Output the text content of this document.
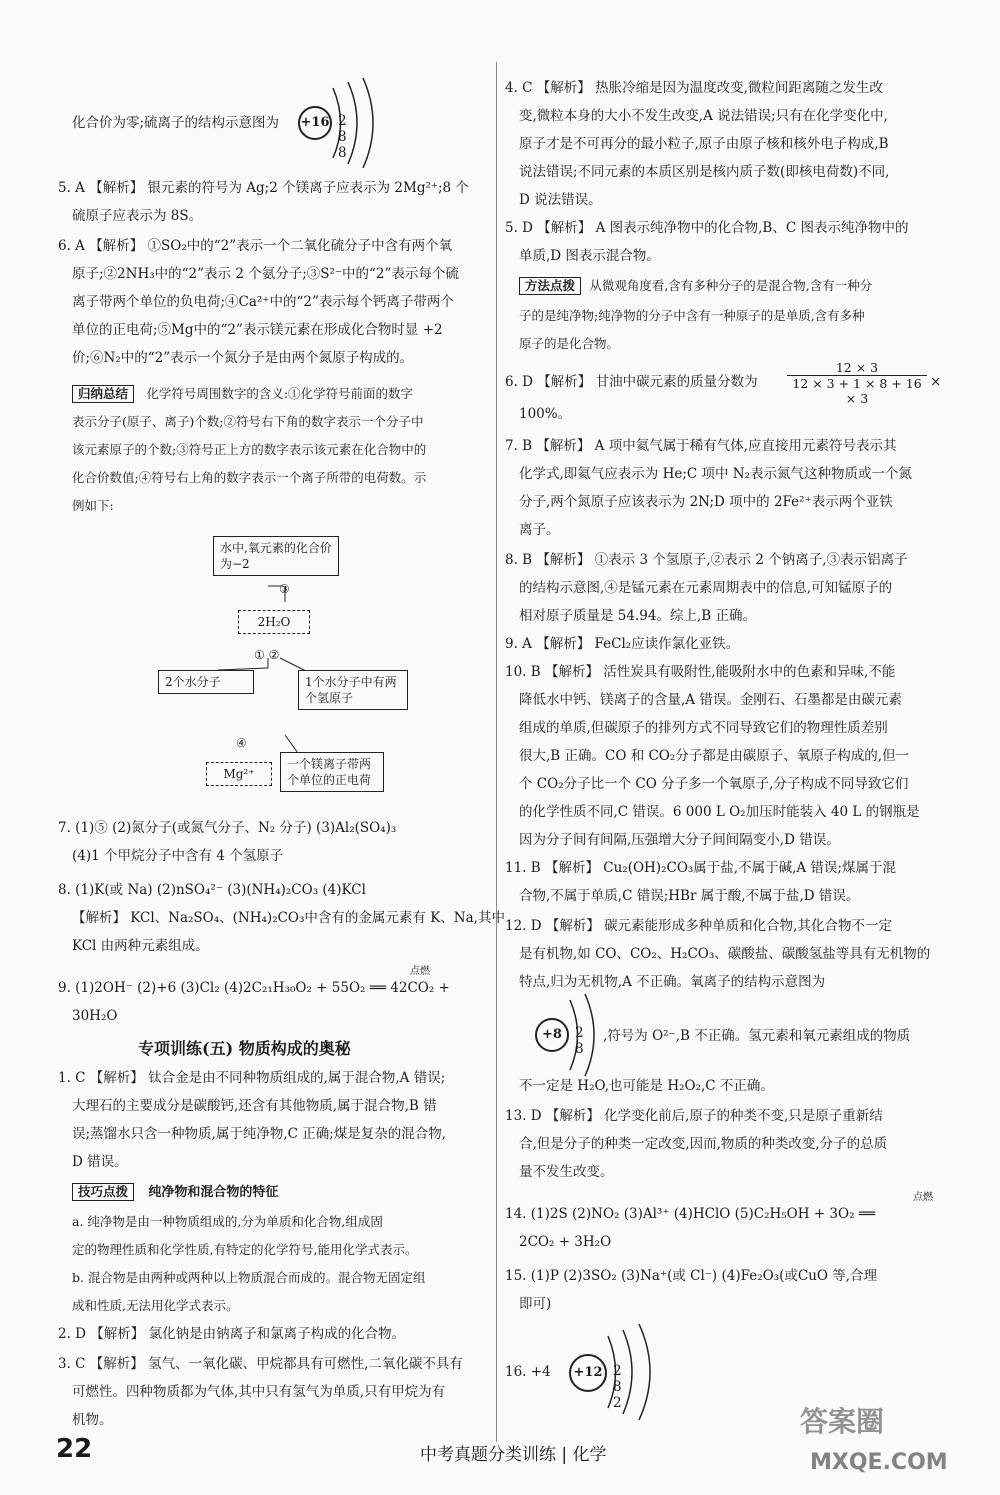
化合价为零;硫离子的结构示意图为 +16 2 8 8
5. A 【解析】 银元素的符号为 Ag;2 个镁离子应表示为 2Mg²⁺;8 个
硫原子应表示为 8S。
6. A 【解析】 ①SO₂中的“2”表示一个二氧化硫分子中含有两个氧
原子;②2NH₃中的“2”表示 2 个氨分子;③S²⁻中的“2”表示每个硫
离子带两个单位的负电荷;④Ca²⁺中的“2”表示每个钙离子带两个
单位的正电荷;⑤Mg中的“2”表示镁元素在形成化合物时显 +2
价;⑥N₂中的“2”表示一个氮分子是由两个氮原子构成的。
归纳总结 化学符号周围数字的含义:①化学符号前面的数字
表示分子(原子、离子)个数;②符号右下角的数字表示一个分子中
该元素原子的个数;③符号正上方的数字表示该元素在化合物中的
化合价数值;④符号右上角的数字表示一个离子所带的电荷数。示
例如下:
水中,氧元素的化合价为−2
③
2H₂O
① ②
2个水分子	1个水分子中有两个氢原子
④
Mg²⁺
一个镁离子带两个单位的正电荷
7. (1)⑤ (2)氮分子(或氮气分子、N₂ 分子) (3)Al₂(SO₄)₃
(4)1 个甲烷分子中含有 4 个氢原子
8. (1)K(或 Na) (2)nSO₄²⁻ (3)(NH₄)₂CO₃ (4)KCl
【解析】 KCl、Na₂SO₄、(NH₄)₂CO₃中含有的金属元素有 K、Na,其中
KCl 由两种元素组成。
9. (1)2OH⁻ (2)+6 (3)Cl₂ (4)2C₂₁H₃₀O₂ + 55O₂ ══ 42CO₂ +
点燃
30H₂O
专项训练(五) 物质构成的奥秘
1. C 【解析】 钛合金是由不同种物质组成的,属于混合物,A 错误;
大理石的主要成分是碳酸钙,还含有其他物质,属于混合物,B 错
误;蒸馏水只含一种物质,属于纯净物,C 正确;煤是复杂的混合物,
D 错误。
技巧点拨 纯净物和混合物的特征
a. 纯净物是由一种物质组成的,分为单质和化合物,组成固
定的物理性质和化学性质,有特定的化学符号,能用化学式表示。
b. 混合物是由两种或两种以上物质混合而成的。混合物无固定组
成和性质,无法用化学式表示。
2. D 【解析】 氯化钠是由钠离子和氯离子构成的化合物。
3. C 【解析】 氢气、一氧化碳、甲烷都具有可燃性,二氧化碳不具有
可燃性。四种物质都为气体,其中只有氢气为单质,只有甲烷为有
机物。
4. C 【解析】 热胀冷缩是因为温度改变,微粒间距离随之发生改
变,微粒本身的大小不发生改变,A 说法错误;只有在化学变化中,
原子才是不可再分的最小粒子,原子由原子核和核外电子构成,B
说法错误;不同元素的本质区别是核内质子数(即核电荷数)不同,
D 说法错误。
5. D 【解析】 A 图表示纯净物中的化合物,B、C 图表示纯净物中的
单质,D 图表示混合物。
方法点拨 从微观角度看,含有多种分子的是混合物,含有一种分
子的是纯净物;纯净物的分子中含有一种原子的是单质,含有多种
原子的是化合物。
6. D 【解析】 甘油中碳元素的质量分数为 $\frac{12 \times 3}{12 \times 3 + 1 \times 8 + 16 \times 3}$ ×
100%。
7. B 【解析】 A 项中氦气属于稀有气体,应直接用元素符号表示其
化学式,即氦气应表示为 He;C 项中 N₂表示氮气这种物质或一个氮
分子,两个氮原子应该表示为 2N;D 项中的 2Fe²⁺表示两个亚铁
离子。
8. B 【解析】 ①表示 3 个氢原子,②表示 2 个钠离子,③表示铝离子
的结构示意图,④是锰元素在元素周期表中的信息,可知锰原子的
相对原子质量是 54.94。综上,B 正确。
9. A 【解析】 FeCl₂应读作氯化亚铁。
10. B 【解析】 活性炭具有吸附性,能吸附水中的色素和异味,不能
降低水中钙、镁离子的含量,A 错误。金刚石、石墨都是由碳元素
组成的单质,但碳原子的排列方式不同导致它们的物理性质差别
很大,B 正确。CO 和 CO₂分子都是由碳原子、氧原子构成的,但一
个 CO₂分子比一个 CO 分子多一个氧原子,分子构成不同导致它们
的化学性质不同,C 错误。6 000 L O₂加压时能装入 40 L 的钢瓶是
因为分子间有间隔,压强增大分子间间隔变小,D 错误。
11. B 【解析】 Cu₂(OH)₂CO₃属于盐,不属于碱,A 错误;煤属于混
合物,不属于单质,C 错误;HBr 属于酸,不属于盐,D 错误。
12. D 【解析】 碳元素能形成多种单质和化合物,其化合物不一定
是有机物,如 CO、CO₂、H₂CO₃、碳酸盐、碳酸氢盐等具有无机物的
特点,归为无机物,A 不正确。氧离子的结构示意图为
+8 2 8
,符号为 O²⁻,B 不正确。氢元素和氧元素组成的物质
不一定是 H₂O,也可能是 H₂O₂,C 不正确。
13. D 【解析】 化学变化前后,原子的种类不变,只是原子重新结
合,但是分子的种类一定改变,因而,物质的种类改变,分子的总质
量不发生改变。
14. (1)2S (2)NO₂ (3)Al³⁺ (4)HClO (5)C₂H₅OH + 3O₂ ══
点燃
2CO₂ + 3H₂O
15. (1)P (2)3SO₂ (3)Na⁺(或 Cl⁻) (4)Fe₂O₃(或CuO 等,合理
即可)
16. +4	+12 2 8 2
22	中考真题分类训练 | 化学
答案圈
MXQE.COM
